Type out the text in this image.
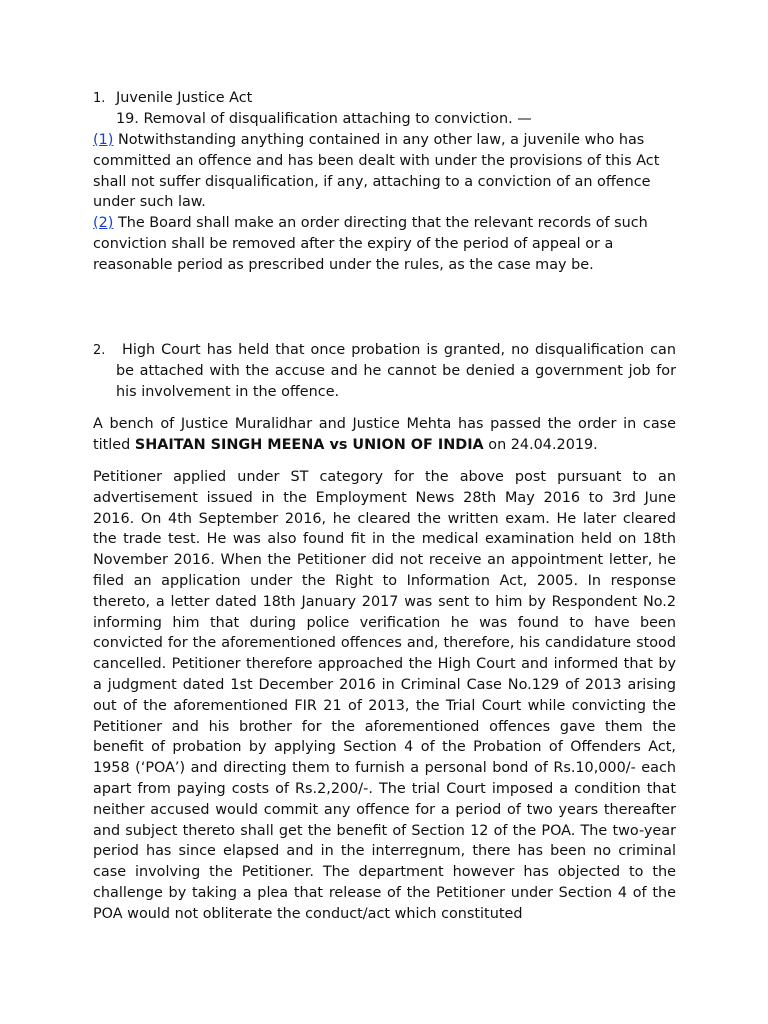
1. Juvenile Justice Act
19. Removal of disqualification attaching to conviction. —

(1) Notwithstanding anything contained in any other law, a juvenile who has committed an offence and has been dealt with under the provisions of this Act shall not suffer disqualification, if any, attaching to a conviction of an offence under such law.

(2) The Board shall make an order directing that the relevant records of such conviction shall be removed after the expiry of the period of appeal or a reasonable period as prescribed under the rules, as the case may be.

2.	High Court has held that once probation is granted, no disqualification can be attached with the accuse and he cannot be denied a government job for his involvement in the offence.

A bench of Justice Muralidhar and Justice Mehta has passed the order in case titled SHAITAN SINGH MEENA vs UNION OF INDIA on 24.04.2019.

Petitioner applied under ST category for the above post pursuant to an advertisement issued in the Employment News 28th May 2016 to 3rd June 2016. On 4th September 2016, he cleared the written exam. He later cleared the trade test. He was also found fit in the medical examination held on 18th November 2016. When the Petitioner did not receive an appointment letter, he filed an application under the Right to Information Act, 2005. In response thereto, a letter dated 18th January 2017 was sent to him by Respondent No.2 informing him that during police verification he was found to have been convicted for the aforementioned offences and, therefore, his candidature stood cancelled. Petitioner therefore approached the High Court and informed that by a judgment dated 1st December 2016 in Criminal Case No.129 of 2013 arising out of the aforementioned FIR 21 of 2013, the Trial Court while convicting the Petitioner and his brother for the aforementioned offences gave them the benefit of probation by applying Section 4 of the Probation of Offenders Act, 1958 (‘POA’) and directing them to furnish a personal bond of Rs.10,000/- each apart from paying costs of Rs.2,200/-. The trial Court imposed a condition that neither accused would commit any offence for a period of two years thereafter and subject thereto shall get the benefit of Section 12 of the POA. The two-year period has since elapsed and in the interregnum, there has been no criminal case involving the Petitioner. The department however has objected to the challenge by taking a plea that release of the Petitioner under Section 4 of the POA would not obliterate the conduct/act which constituted
